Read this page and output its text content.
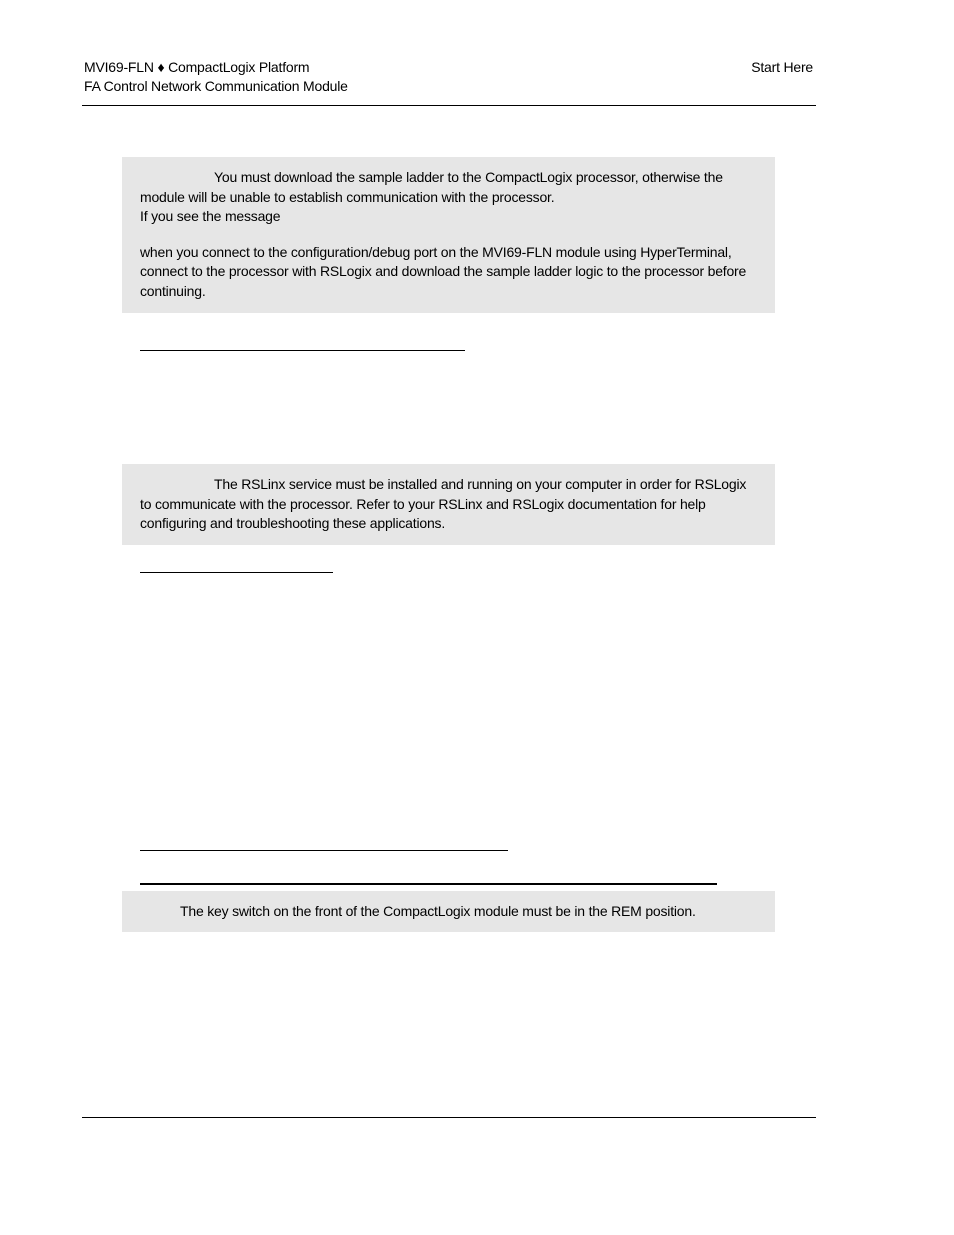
MVI69-FLN ♦ CompactLogix Platform
FA Control Network Communication Module
Start Here

You must download the sample ladder to the CompactLogix processor, otherwise the module will be unable to establish communication with the processor.

If you see the message

when you connect to the configuration/debug port on the MVI69-FLN module using HyperTerminal, connect to the processor with RSLogix and download the sample ladder logic to the processor before continuing.

The RSLinx service must be installed and running on your computer in order for RSLogix to communicate with the processor. Refer to your RSLinx and RSLogix documentation for help configuring and troubleshooting these applications.

The key switch on the front of the CompactLogix module must be in the REM position.
